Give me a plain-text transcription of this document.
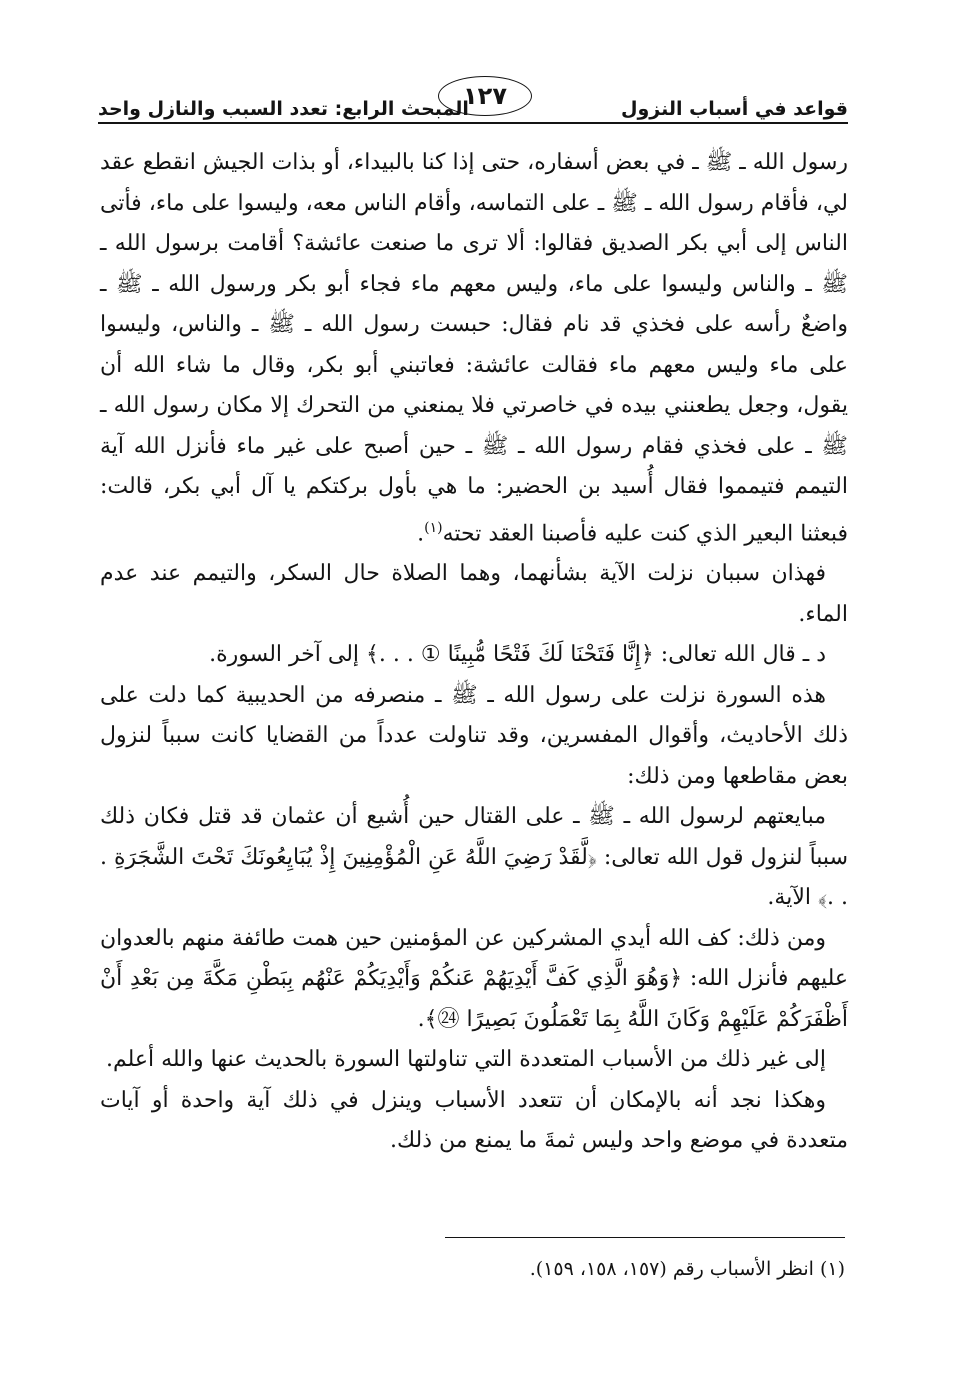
قواعد في أسباب النزول
١٢٧
المبحث الرابع: تعدد السبب والنازل واحد

رسول الله ـ ﷺ ـ في بعض أسفاره، حتى إذا كنا بالبيداء، أو بذات الجيش انقطع عقد لي، فأقام رسول الله ـ ﷺ ـ على التماسه، وأقام الناس معه، وليسوا على ماء، فأتى الناس إلى أبي بكر الصديق فقالوا: ألا ترى ما صنعت عائشة؟ أقامت برسول الله ـ ﷺ ـ والناس وليسوا على ماء، وليس معهم ماء فجاء أبو بكر ورسول الله ـ ﷺ ـ واضعٌ رأسه على فخذي قد نام فقال: حبست رسول الله ـ ﷺ ـ والناس، وليسوا على ماء وليس معهم ماء فقالت عائشة: فعاتبني أبو بكر، وقال ما شاء الله أن يقول، وجعل يطعنني بيده في خاصرتي فلا يمنعني من التحرك إلا مكان رسول الله ـ ﷺ ـ على فخذي فقام رسول الله ـ ﷺ ـ حين أصبح على غير ماء فأنزل الله آية التيمم فتيمموا فقال أُسيد بن الحضير: ما هي بأول بركتكم يا آل أبي بكر، قالت: فبعثنا البعير الذي كنت عليه فأصبنا العقد تحته$^{(١)}$.

فهذان سببان نزلت الآية بشأنهما، وهما الصلاة حال السكر، والتيمم عند عدم الماء.

د ـ قال الله تعالى: ﴿إِنَّا فَتَحْنَا لَكَ فَتْحًا مُّبِينًا ① . . .﴾ إلى آخر السورة.

هذه السورة نزلت على رسول الله ـ ﷺ ـ منصرفه من الحديبية كما دلت على ذلك الأحاديث، وأقوال المفسرين، وقد تناولت عدداً من القضايا كانت سبباً لنزول بعض مقاطعها ومن ذلك:

مبايعتهم لرسول الله ـ ﷺ ـ على القتال حين أُشيع أن عثمان قد قتل فكان ذلك سبباً لنزول قول الله تعالى: ﴿لَّقَدْ رَضِيَ اللَّهُ عَنِ الْمُؤْمِنِينَ إِذْ يُبَايِعُونَكَ تَحْتَ الشَّجَرَةِ . . .﴾ الآية.

ومن ذلك: كف الله أيدي المشركين عن المؤمنين حين همت طائفة منهم بالعدوان عليهم فأنزل الله: ﴿وَهُوَ الَّذِي كَفَّ أَيْدِيَهُمْ عَنكُمْ وَأَيْدِيَكُمْ عَنْهُم بِبَطْنِ مَكَّةَ مِن بَعْدِ أَنْ أَظْفَرَكُمْ عَلَيْهِمْ وَكَانَ اللَّهُ بِمَا تَعْمَلُونَ بَصِيرًا ㉔﴾.

إلى غير ذلك من الأسباب المتعددة التي تناولتها السورة بالحديث عنها والله أعلم.

وهكذا نجد أنه بالإمكان أن تتعدد الأسباب وينزل في ذلك آية واحدة أو آيات متعددة في موضع واحد وليس ثمةَ ما يمنع من ذلك.

(١) انظر الأسباب رقم (١٥٧، ١٥٨، ١٥٩).
